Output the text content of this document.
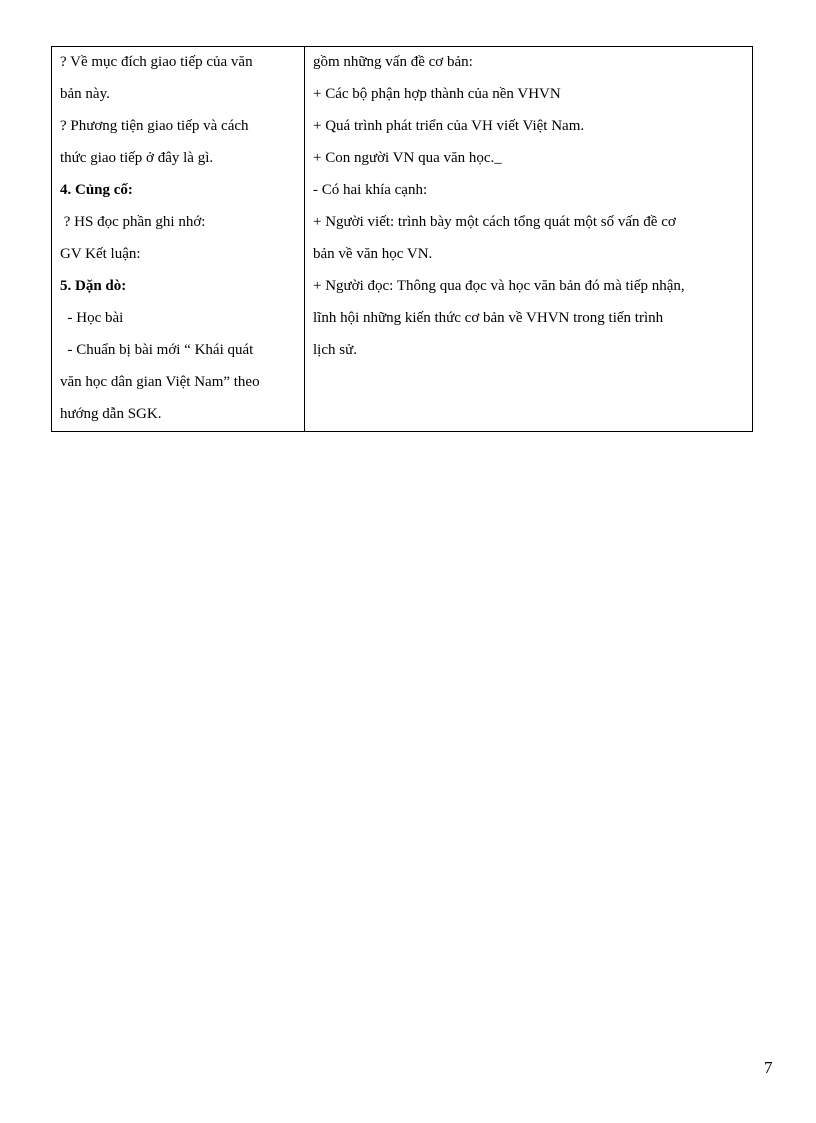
? Về mục đích giao tiếp của văn
bản này.
? Phương tiện giao tiếp và cách
thức giao tiếp ở đây là gì.
4. Củng cố:
? HS đọc phần ghi nhớ:
GV Kết luận:
5. Dặn dò:
- Học bài
- Chuẩn bị bài mới “ Khái quát
văn học dân gian Việt Nam” theo
hướng dẫn SGK.
gồm những vấn đề cơ bản:
+ Các bộ phận hợp thành của nền VHVN
+ Quá trình phát triển của VH viết Việt Nam.
+ Con người VN qua văn học._
- Có hai khía cạnh:
+ Người viết: trình bày một cách tổng quát một số vấn đề cơ
bản về văn học VN.
+ Người đọc: Thông qua đọc và học văn bản đó mà tiếp nhận,
lĩnh hội những kiến thức cơ bản về VHVN trong tiến trình
lịch sử.
7
